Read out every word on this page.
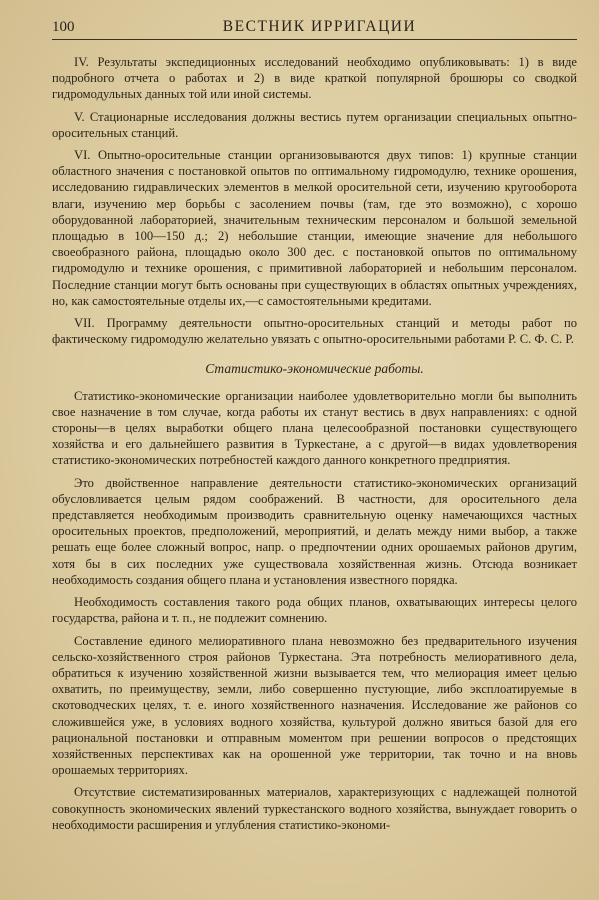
100	ВЕСТНИК ИРРИГАЦИИ

IV. Результаты экспедиционных исследований необходимо опубликовывать: 1) в виде подробного отчета о работах и 2) в виде краткой популярной брошюры со сводкой гидромодульных данных той или иной системы.

V. Стационарные исследования должны вестись путем организации специальных опытно-оросительных станций.

VI. Опытно-оросительные станции организовываются двух типов: 1) крупные станции областного значения с постановкой опытов по оптимальному гидромодулю, технике орошения, исследованию гидравлических элементов в мелкой оросительной сети, изучению кругооборота влаги, изучению мер борьбы с засолением почвы (там, где это возможно), с хорошо оборудованной лабораторией, значительным техническим персоналом и большой земельной площадью в 100—150 д.; 2) небольшие станции, имеющие значение для небольшого своеобразного района, площадью около 300 дес. с постановкой опытов по оптимальному гидромодулю и технике орошения, с примитивной лабораторией и небольшим персоналом. Последние станции могут быть основаны при существующих в областях опытных учреждениях, но, как самостоятельные отделы их,—с самостоятельными кредитами.

VII. Программу деятельности опытно-оросительных станций и методы работ по фактическому гидромодулю желательно увязать с опытно-оросительными работами Р. С. Ф. С. Р.

Статистико-экономические работы.

Статистико-экономические организации наиболее удовлетворительно могли бы выполнить свое назначение в том случае, когда работы их станут вестись в двух направлениях: с одной стороны—в целях выработки общего плана целесообразной постановки существующего хозяйства и его дальнейшего развития в Туркестане, а с другой—в видах удовлетворения статистико-экономических потребностей каждого данного конкретного предприятия.

Это двойственное направление деятельности статистико-экономических организаций обусловливается целым рядом соображений. В частности, для оросительного дела представляется необходимым производить сравнительную оценку намечающихся частных оросительных проектов, предположений, мероприятий, и делать между ними выбор, а также решать еще более сложный вопрос, напр. о предпочтении одних орошаемых районов другим, хотя бы в сих последних уже существовала хозяйственная жизнь. Отсюда возникает необходимость создания общего плана и установления известного порядка.

Необходимость составления такого рода общих планов, охватывающих интересы целого государства, района и т. п., не подлежит сомнению.

Составление единого мелиоративного плана невозможно без предварительного изучения сельско-хозяйственного строя районов Туркестана. Эта потребность мелиоративного дела, обратиться к изучению хозяйственной жизни вызывается тем, что мелиорация имеет целью охватить, по преимуществу, земли, либо совершенно пустующие, либо эксплоатируемые в скотоводческих целях, т. е. иного хозяйственного назначения. Исследование же районов со сложившейся уже, в условиях водного хозяйства, культурой должно явиться базой для его рациональной постановки и отправным моментом при решении вопросов о предстоящих хозяйственных перспективах как на орошенной уже территории, так точно и на вновь орошаемых территориях.

Отсутствие систематизированных материалов, характеризующих с надлежащей полнотой совокупность экономических явлений туркестанского водного хозяйства, вынуждает говорить о необходимости расширения и углубления статистико-экономи-
